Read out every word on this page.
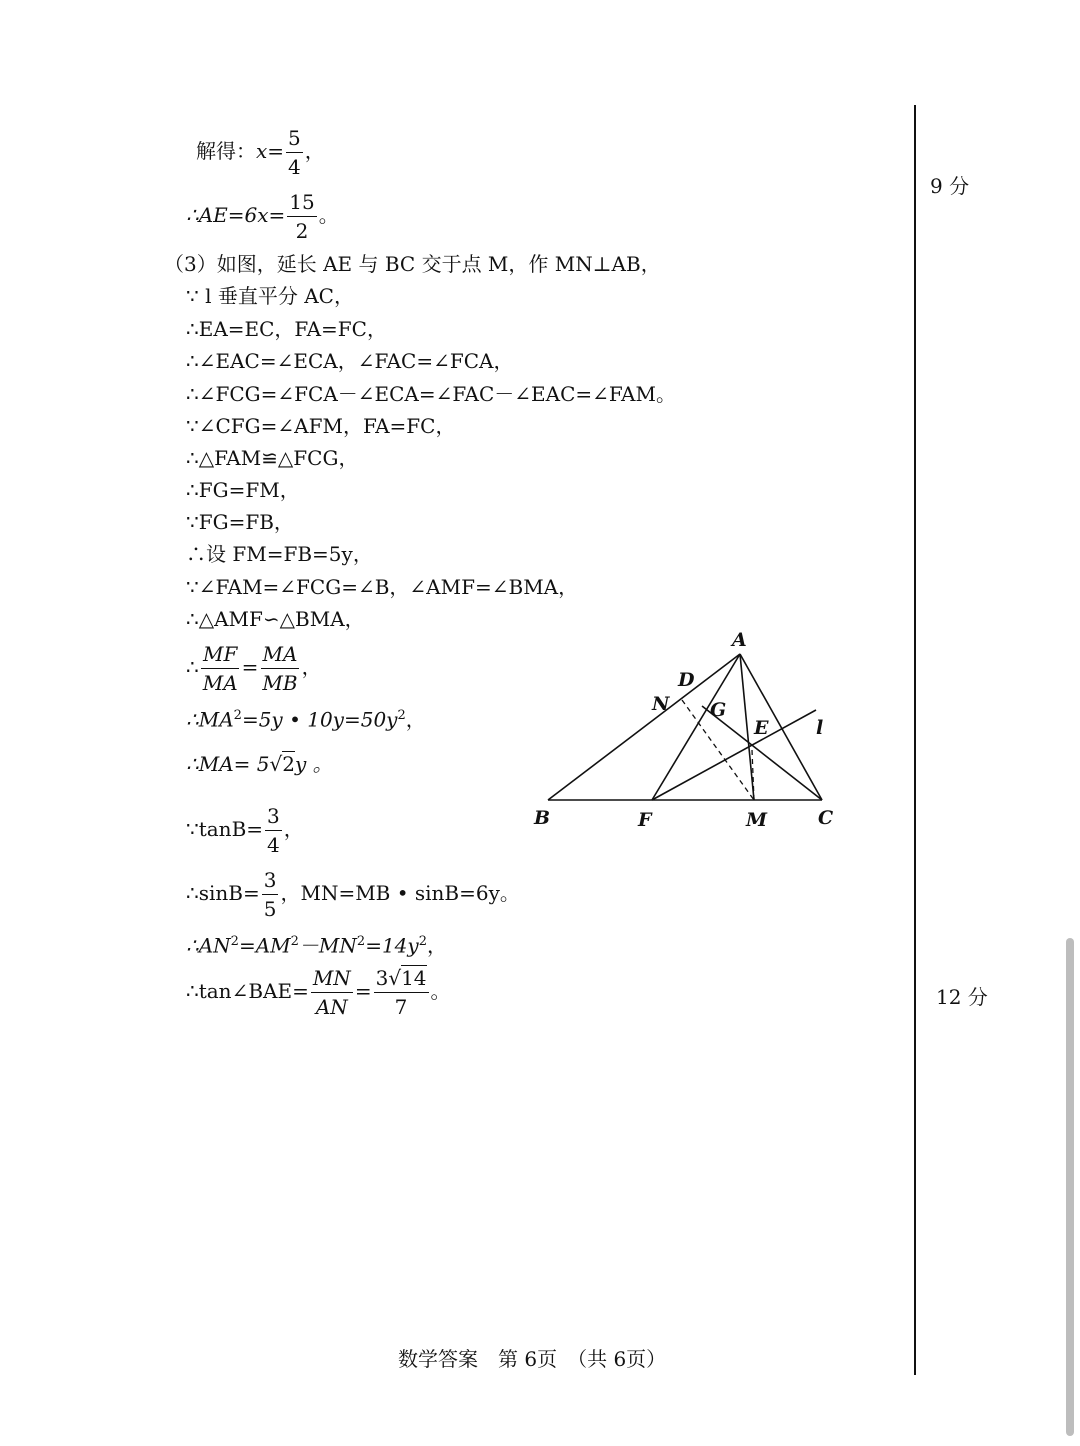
解得：$x= \frac{5}{4}$ ，
∴AE=6x= $\frac{15}{2}$ 。
（3）如图，延长 AE 与 BC 交于点 M，作 MN⊥AB，
∵ l 垂直平分 AC，
∴EA=EC，FA=FC，
∴∠EAC=∠ECA，∠FAC=∠FCA，
∴∠FCG=∠FCA－∠ECA=∠FAC－∠EAC=∠FAM。
∵∠CFG=∠AFM，FA=FC，
∴△FAM≌△FCG，
∴FG=FM，
∵FG=FB，
∴设 FM=FB=5y，
∵∠FAM=∠FCG=∠B，∠AMF=∠BMA，
∴△AMF∽△BMA，
∴ $\frac{MF}{MA} = \frac{MA}{MB}$ ，
$\therefore MA^2=5y$ • $10y=50y^2$，
∴MA= 5√2y 。
∵tanB= $\frac{3}{4}$ ，
∴sinB= $\frac{3}{5}$ ，MN=MB • sinB=6y。
$\therefore AN^2=AM^2-MN^2=14y^2$，
∴tan∠BAE= $\frac{MN}{AN} = \frac{3√14}{7}$ 。
9 分
12 分
A
B	C
D
E
F
G
M
N
l
数学答案　第 6页　（共 6页）
